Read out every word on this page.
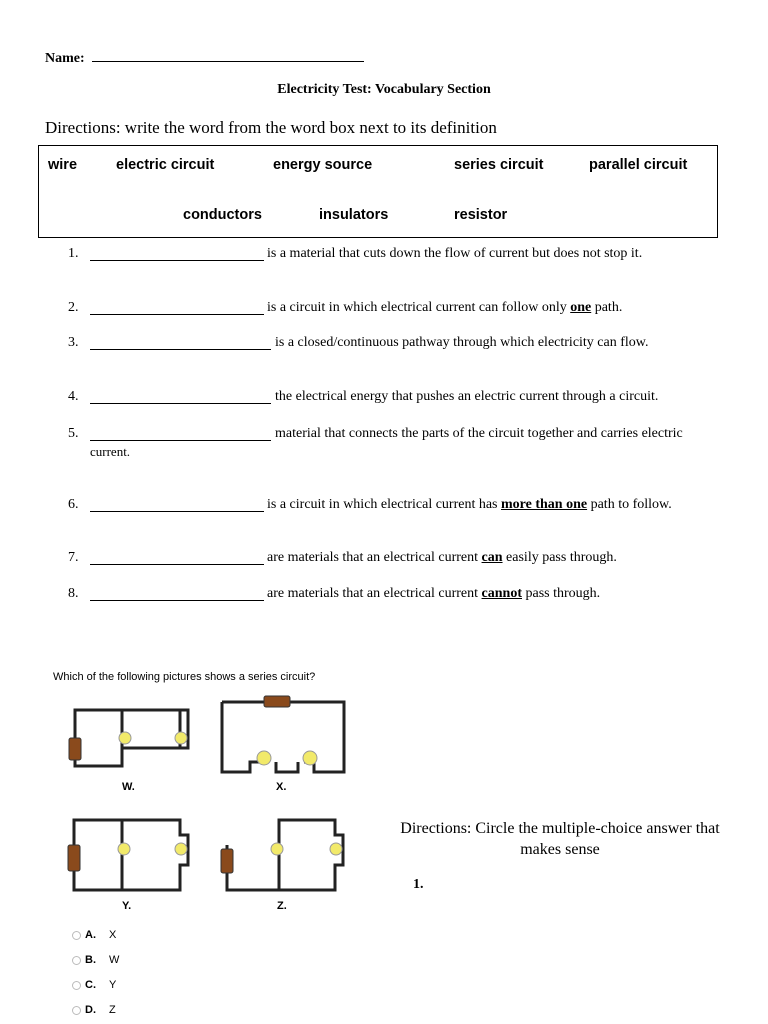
Name:
Electricity Test: Vocabulary Section
Directions: write the word from the word box next to its definition
wire	electric circuit	energy source	series circuit	parallel circuit
conductors	insulators	resistor
1.	is a material that cuts down the flow of current but does not stop it.
2.	is a circuit in which electrical current can follow only one path.
3.	is a closed/continuous pathway through which electricity can flow.
4.	the electrical energy that pushes an electric current through a circuit.
5.	material that connects the parts of the circuit together and carries electric
current.
6.	is a circuit in which electrical current has more than one path to follow.
7.	are materials that an electrical current can easily pass through.
8.	are materials that an electrical current cannot pass through.
Which of the following pictures shows a series circuit?
W.	X.
Y.	Z.
A. X
B. W
C. Y
D. Z
Directions: Circle the multiple-choice answer that makes sense
1.
